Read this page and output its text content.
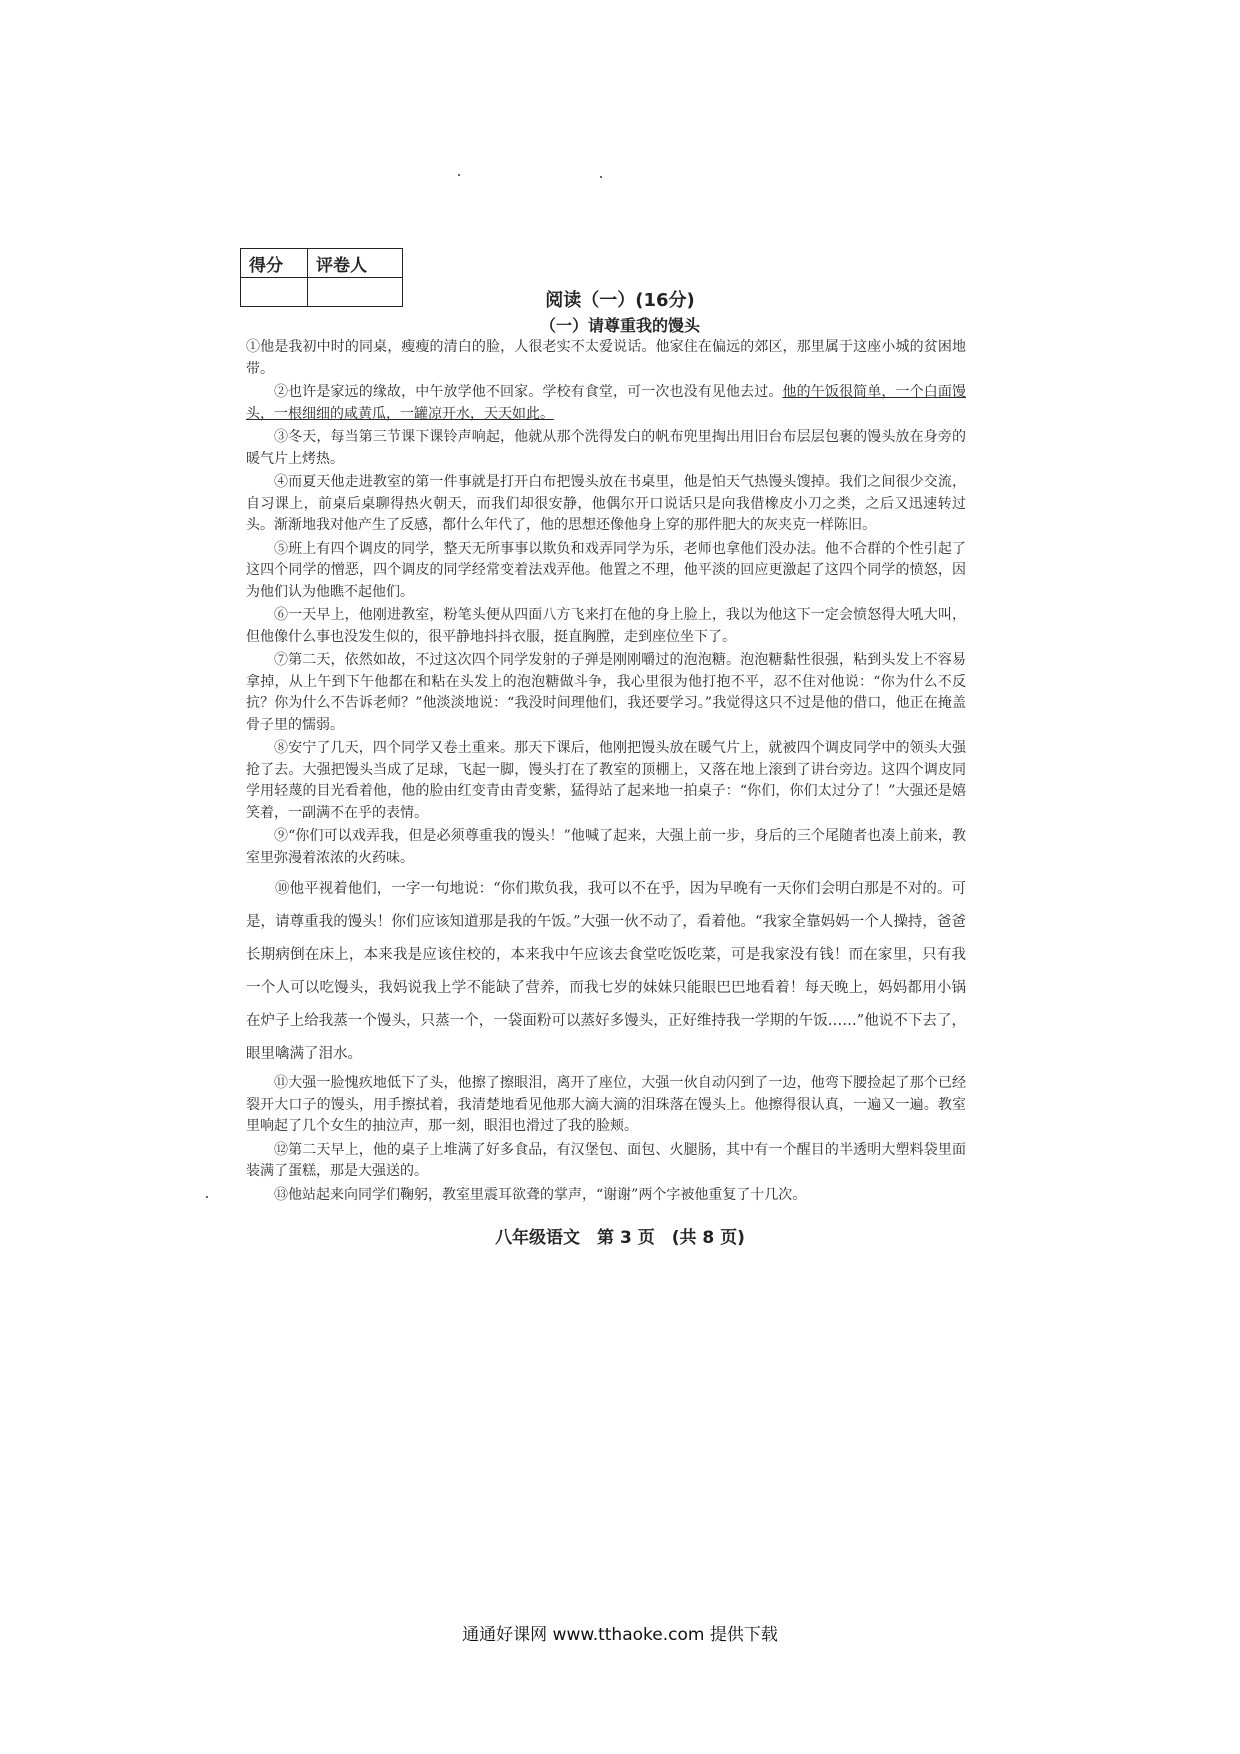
得分	评卷人

阅读（一）(16分)
（一）请尊重我的馒头

①他是我初中时的同桌，瘦瘦的清白的脸，人很老实不太爱说话。他家住在偏远的郊区，那里属于这座小城的贫困地带。

②也许是家远的缘故，中午放学他不回家。学校有食堂，可一次也没有见他去过。他的午饭很简单，一个白面馒头，一根细细的咸黄瓜，一罐凉开水，天天如此。

③冬天，每当第三节课下课铃声响起，他就从那个洗得发白的帆布兜里掏出用旧台布层层包裹的馒头放在身旁的暖气片上烤热。

④而夏天他走进教室的第一件事就是打开白布把馒头放在书桌里，他是怕天气热馒头馊掉。我们之间很少交流，自习课上，前桌后桌聊得热火朝天，而我们却很安静，他偶尔开口说话只是向我借橡皮小刀之类，之后又迅速转过头。渐渐地我对他产生了反感，都什么年代了，他的思想还像他身上穿的那件肥大的灰夹克一样陈旧。

⑤班上有四个调皮的同学，整天无所事事以欺负和戏弄同学为乐，老师也拿他们没办法。他不合群的个性引起了这四个同学的憎恶，四个调皮的同学经常变着法戏弄他。他置之不理，他平淡的回应更激起了这四个同学的愤怒，因为他们认为他瞧不起他们。

⑥一天早上，他刚进教室，粉笔头便从四面八方飞来打在他的身上脸上，我以为他这下一定会愤怒得大吼大叫，但他像什么事也没发生似的，很平静地抖抖衣服，挺直胸膛，走到座位坐下了。

⑦第二天，依然如故，不过这次四个同学发射的子弹是刚刚嚼过的泡泡糖。泡泡糖黏性很强，粘到头发上不容易拿掉，从上午到下午他都在和粘在头发上的泡泡糖做斗争，我心里很为他打抱不平，忍不住对他说：“你为什么不反抗？你为什么不告诉老师？”他淡淡地说：“我没时间理他们，我还要学习。”我觉得这只不过是他的借口，他正在掩盖骨子里的懦弱。

⑧安宁了几天，四个同学又卷土重来。那天下课后，他刚把馒头放在暖气片上，就被四个调皮同学中的领头大强抢了去。大强把馒头当成了足球，飞起一脚，馒头打在了教室的顶棚上，又落在地上滚到了讲台旁边。这四个调皮同学用轻蔑的目光看着他，他的脸由红变青由青变紫，猛得站了起来地一拍桌子：“你们，你们太过分了！”大强还是嬉笑着，一副满不在乎的表情。

⑨“你们可以戏弄我，但是必须尊重我的馒头！”他喊了起来，大强上前一步，身后的三个尾随者也凑上前来，教室里弥漫着浓浓的火药味。

⑩他平视着他们，一字一句地说：“你们欺负我，我可以不在乎，因为早晚有一天你们会明白那是不对的。可是，请尊重我的馒头！你们应该知道那是我的午饭。”大强一伙不动了，看着他。“我家全靠妈妈一个人操持，爸爸长期病倒在床上，本来我是应该住校的，本来我中午应该去食堂吃饭吃菜，可是我家没有钱！而在家里，只有我一个人可以吃馒头，我妈说我上学不能缺了营养，而我七岁的妹妹只能眼巴巴地看着！每天晚上，妈妈都用小锅在炉子上给我蒸一个馒头，只蒸一个，一袋面粉可以蒸好多馒头，正好维持我一学期的午饭……”他说不下去了，眼里噙满了泪水。

⑪大强一脸愧疚地低下了头，他擦了擦眼泪，离开了座位，大强一伙自动闪到了一边，他弯下腰捡起了那个已经裂开大口子的馒头，用手擦拭着，我清楚地看见他那大滴大滴的泪珠落在馒头上。他擦得很认真，一遍又一遍。教室里响起了几个女生的抽泣声，那一刻，眼泪也滑过了我的脸颊。

⑫第二天早上，他的桌子上堆满了好多食品，有汉堡包、面包、火腿肠，其中有一个醒目的半透明大塑料袋里面装满了蛋糕，那是大强送的。

⑬他站起来向同学们鞠躬，教室里震耳欲聋的掌声，“谢谢”两个字被他重复了十几次。

八年级语文　第 3 页　(共 8 页)
通通好课网 www.tthaoke.com 提供下载
